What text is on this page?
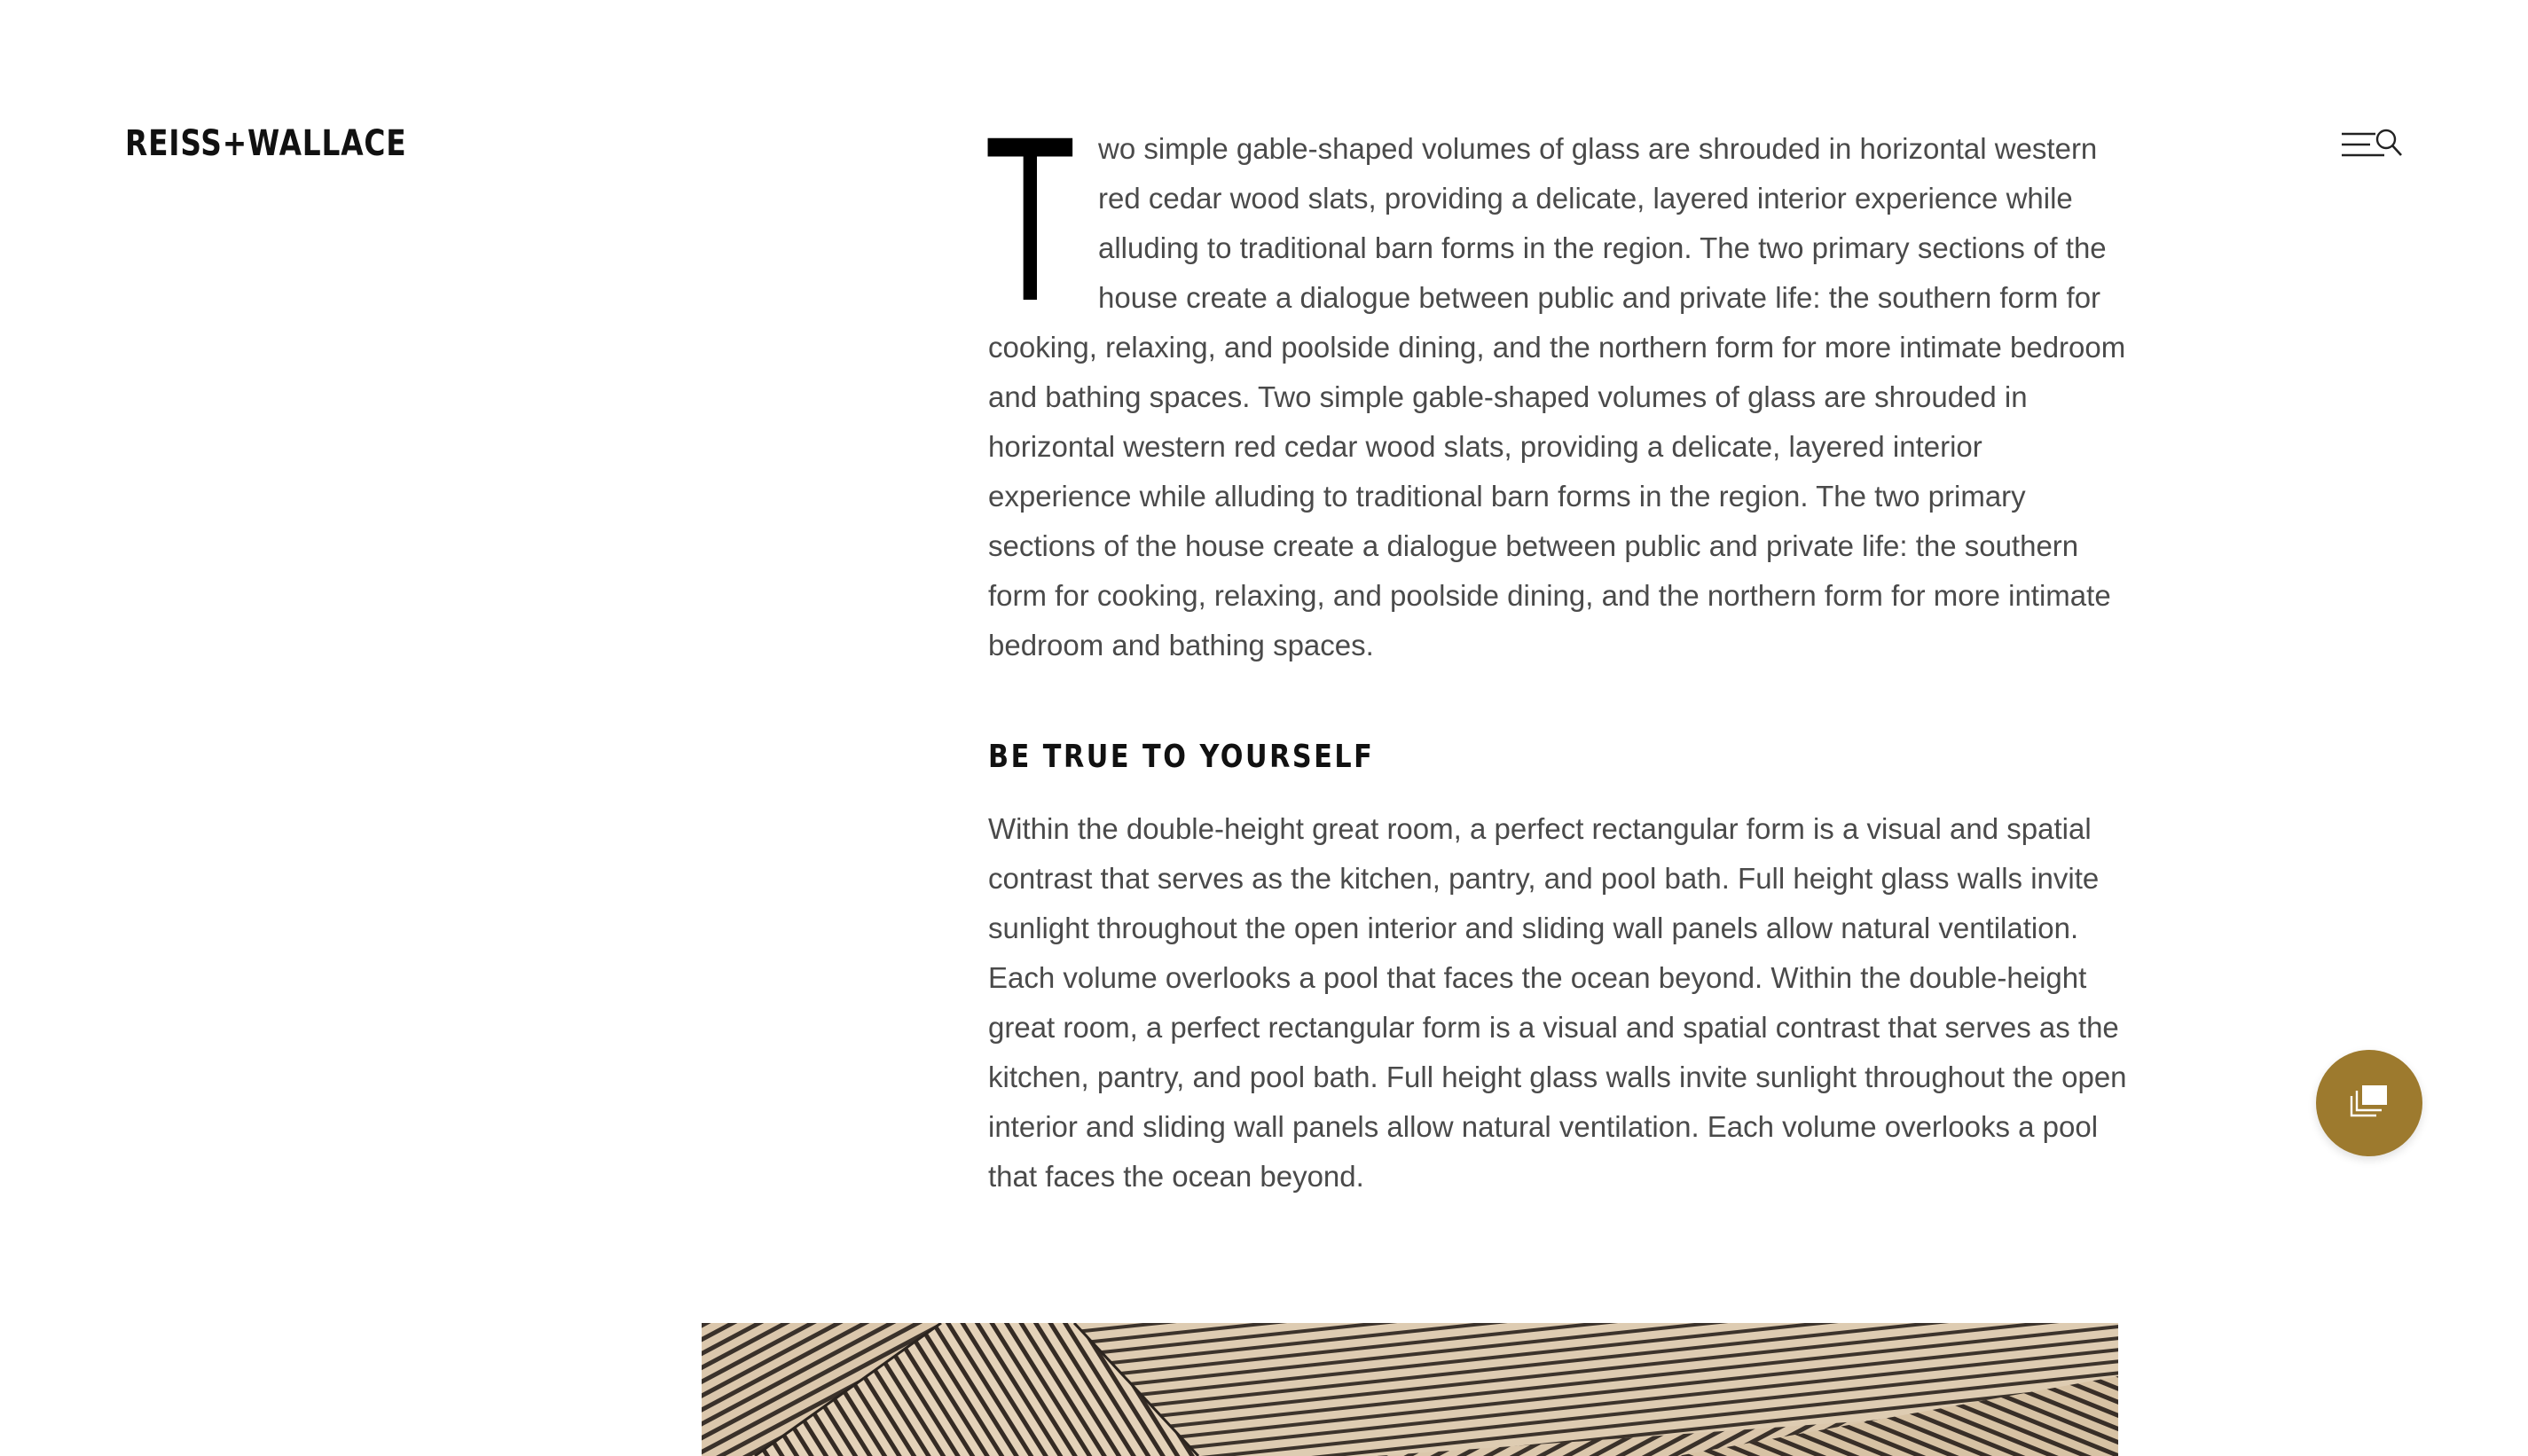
REISS+WALLACE	T wo simple gable-shaped volumes of glass are shrouded in horizontal western red cedar wood slats, providing a delicate, layered interior experience while alluding to traditional barn forms in the region. The two primary sections of the house create a dialogue between public and private life: the southern form for cooking, relaxing, and poolside dining, and the northern form for more intimate bedroom and bathing spaces. Two simple gable-shaped volumes of glass are shrouded in horizontal western red cedar wood slats, providing a delicate, layered interior experience while alluding to traditional barn forms in the region. The two primary sections of the house create a dialogue between public and private life: the southern form for cooking, relaxing, and poolside dining, and the northern form for more intimate bedroom and bathing spaces.

BE TRUE TO YOURSELF

Within the double-height great room, a perfect rectangular form is a visual and spatial contrast that serves as the kitchen, pantry, and pool bath. Full height glass walls invite sunlight throughout the open interior and sliding wall panels allow natural ventilation. Each volume overlooks a pool that faces the ocean beyond. Within the double-height great room, a perfect rectangular form is a visual and spatial contrast that serves as the kitchen, pantry, and pool bath. Full height glass walls invite sunlight throughout the open interior and sliding wall panels allow natural ventilation. Each volume overlooks a pool that faces the ocean beyond.
